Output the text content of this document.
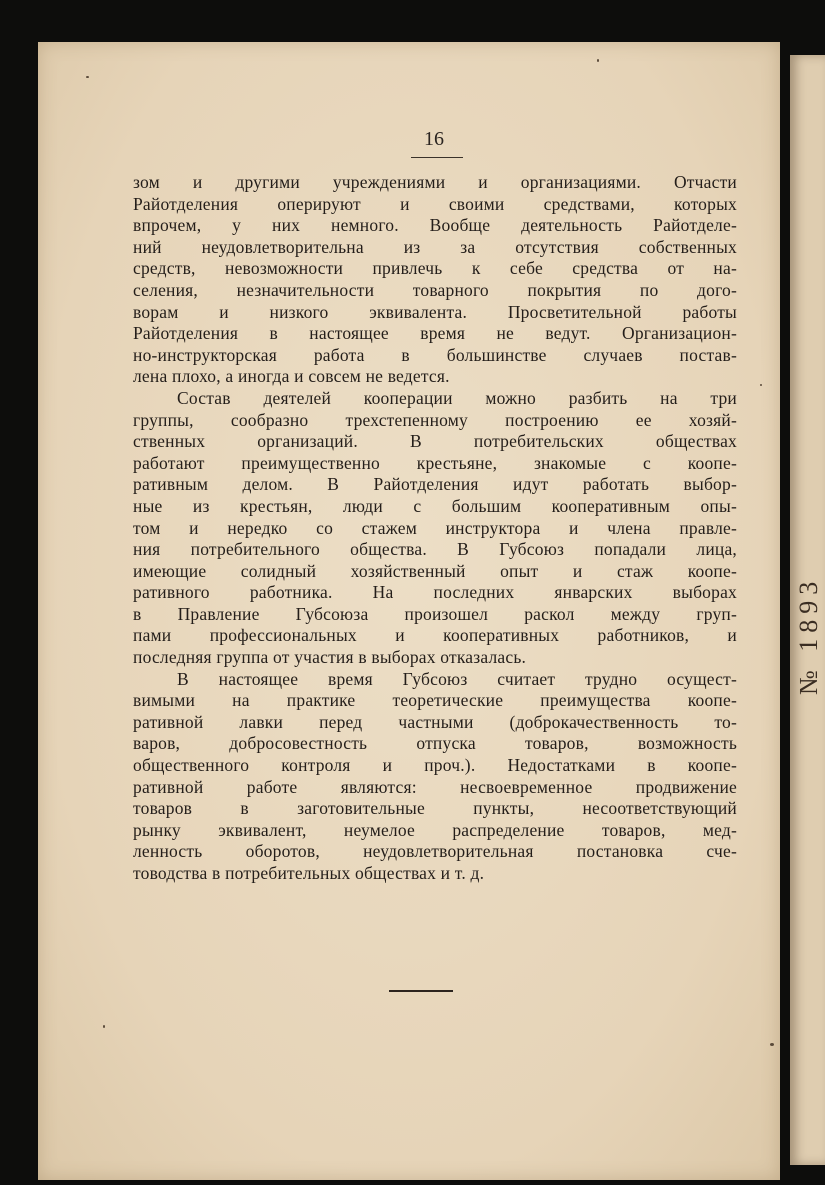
№ 1893
16
зом и другими учреждениями и организациями. Отчасти
Райотделения оперируют и своими средствами, которых
впрочем, у них немного. Вообще деятельность Райотделе-
ний неудовлетворительна из за отсутствия собственных
средств, невозможности привлечь к себе средства от на-
селения, незначительности товарного покрытия по дого-
ворам и низкого эквивалента. Просветительной работы
Райотделения в настоящее время не ведут. Организацион-
но-инструкторская работа в большинстве случаев постав-
лена плохо, а иногда и совсем не ведется.
Состав деятелей кооперации можно разбить на три
группы, сообразно трехстепенному построению ее хозяй-
ственных организаций. В потребительских обществах
работают преимущественно крестьяне, знакомые с коопе-
ративным делом. В Райотделения идут работать выбор-
ные из крестьян, люди с большим кооперативным опы-
том и нередко со стажем инструктора и члена правле-
ния потребительного общества. В Губсоюз попадали лица,
имеющие солидный хозяйственный опыт и стаж коопе-
ративного работника. На последних январских выборах
в Правление Губсоюза произошел раскол между груп-
пами профессиональных и кооперативных работников, и
последняя группа от участия в выборах отказалась.
В настоящее время Губсоюз считает трудно осущест-
вимыми на практике теоретические преимущества коопе-
ративной лавки перед частными (доброкачественность то-
варов, добросовестность отпуска товаров, возможность
общественного контроля и проч.). Недостатками в коопе-
ративной работе являются: несвоевременное продвижение
товаров в заготовительные пункты, несоответствующий
рынку эквивалент, неумелое распределение товаров, мед-
ленность оборотов, неудовлетворительная постановка сче-
товодства в потребительных обществах и т. д.
